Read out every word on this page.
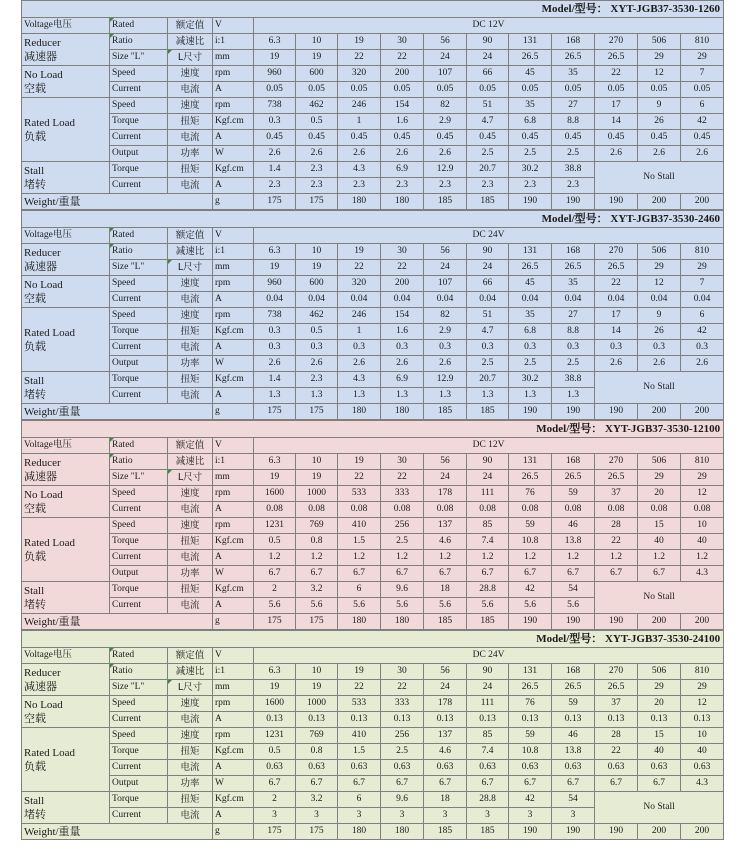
Model/型号： XYT-JGB37-3530-1260														
Voltage电压	Rated	额定值	V	DC 12V										

Reducer
减速器	Ratio	减速比	i:1	6.3	10	19	30	56	90	131	168	270	506	810
	Size "L"	L尺寸	mm	19	19	22	22	24	24	26.5	26.5	26.5	29	29

No Load
空载	Speed	速度	rpm	960	600	320	200	107	66	45	35	22	12	7
	Current	电流	A	0.05	0.05	0.05	0.05	0.05	0.05	0.05	0.05	0.05	0.05	0.05

Rated Load
负载	Speed	速度	rpm	738	462	246	154	82	51	35	27	17	9	6
	Torque	扭矩	Kgf.cm	0.3	0.5	1	1.6	2.9	4.7	6.8	8.8	14	26	42
	Current	电流	A	0.45	0.45	0.45	0.45	0.45	0.45	0.45	0.45	0.45	0.45	0.45
	Output	功率	W	2.6	2.6	2.6	2.6	2.6	2.5	2.5	2.5	2.6	2.6	2.6

Stall
堵转	Torque	扭矩	Kgf.cm	1.4	2.3	4.3	6.9	12.9	20.7	30.2	38.8	No Stall		
	Current	电流	A	2.3	2.3	2.3	2.3	2.3	2.3	2.3	2.3			
Weight/重量			g	175	175	180	180	185	185	190	190	190	200	200
Model/型号： XYT-JGB37-3530-2460														
Voltage电压	Rated	额定值	V	DC 24V										

Reducer
减速器	Ratio	减速比	i:1	6.3	10	19	30	56	90	131	168	270	506	810
	Size "L"	L尺寸	mm	19	19	22	22	24	24	26.5	26.5	26.5	29	29

No Load
空载	Speed	速度	rpm	960	600	320	200	107	66	45	35	22	12	7
	Current	电流	A	0.04	0.04	0.04	0.04	0.04	0.04	0.04	0.04	0.04	0.04	0.04

Rated Load
负载	Speed	速度	rpm	738	462	246	154	82	51	35	27	17	9	6
	Torque	扭矩	Kgf.cm	0.3	0.5	1	1.6	2.9	4.7	6.8	8.8	14	26	42
	Current	电流	A	0.3	0.3	0.3	0.3	0.3	0.3	0.3	0.3	0.3	0.3	0.3
	Output	功率	W	2.6	2.6	2.6	2.6	2.6	2.5	2.5	2.5	2.6	2.6	2.6

Stall
堵转	Torque	扭矩	Kgf.cm	1.4	2.3	4.3	6.9	12.9	20.7	30.2	38.8	No Stall		
	Current	电流	A	1.3	1.3	1.3	1.3	1.3	1.3	1.3	1.3			
Weight/重量			g	175	175	180	180	185	185	190	190	190	200	200
Model/型号： XYT-JGB37-3530-12100														
Voltage电压	Rated	额定值	V	DC 12V										

Reducer
减速器	Ratio	减速比	i:1	6.3	10	19	30	56	90	131	168	270	506	810
	Size "L"	L尺寸	mm	19	19	22	22	24	24	26.5	26.5	26.5	29	29

No Load
空载	Speed	速度	rpm	1600	1000	533	333	178	111	76	59	37	20	12
	Current	电流	A	0.08	0.08	0.08	0.08	0.08	0.08	0.08	0.08	0.08	0.08	0.08

Rated Load
负载	Speed	速度	rpm	1231	769	410	256	137	85	59	46	28	15	10
	Torque	扭矩	Kgf.cm	0.5	0.8	1.5	2.5	4.6	7.4	10.8	13.8	22	40	40
	Current	电流	A	1.2	1.2	1.2	1.2	1.2	1.2	1.2	1.2	1.2	1.2	1.2
	Output	功率	W	6.7	6.7	6.7	6.7	6.7	6.7	6.7	6.7	6.7	6.7	4.3

Stall
堵转	Torque	扭矩	Kgf.cm	2	3.2	6	9.6	18	28.8	42	54	No Stall		
	Current	电流	A	5.6	5.6	5.6	5.6	5.6	5.6	5.6	5.6			
Weight/重量			g	175	175	180	180	185	185	190	190	190	200	200
Model/型号： XYT-JGB37-3530-24100														
Voltage电压	Rated	额定值	V	DC 24V										

Reducer
减速器	Ratio	减速比	i:1	6.3	10	19	30	56	90	131	168	270	506	810
	Size "L"	L尺寸	mm	19	19	22	22	24	24	26.5	26.5	26.5	29	29

No Load
空载	Speed	速度	rpm	1600	1000	533	333	178	111	76	59	37	20	12
	Current	电流	A	0.13	0.13	0.13	0.13	0.13	0.13	0.13	0.13	0.13	0.13	0.13

Rated Load
负载	Speed	速度	rpm	1231	769	410	256	137	85	59	46	28	15	10
	Torque	扭矩	Kgf.cm	0.5	0.8	1.5	2.5	4.6	7.4	10.8	13.8	22	40	40
	Current	电流	A	0.63	0.63	0.63	0.63	0.63	0.63	0.63	0.63	0.63	0.63	0.63
	Output	功率	W	6.7	6.7	6.7	6.7	6.7	6.7	6.7	6.7	6.7	6.7	4.3

Stall
堵转	Torque	扭矩	Kgf.cm	2	3.2	6	9.6	18	28.8	42	54	No Stall		
	Current	电流	A	3	3	3	3	3	3	3	3			
Weight/重量			g	175	175	180	180	185	185	190	190	190	200	200
